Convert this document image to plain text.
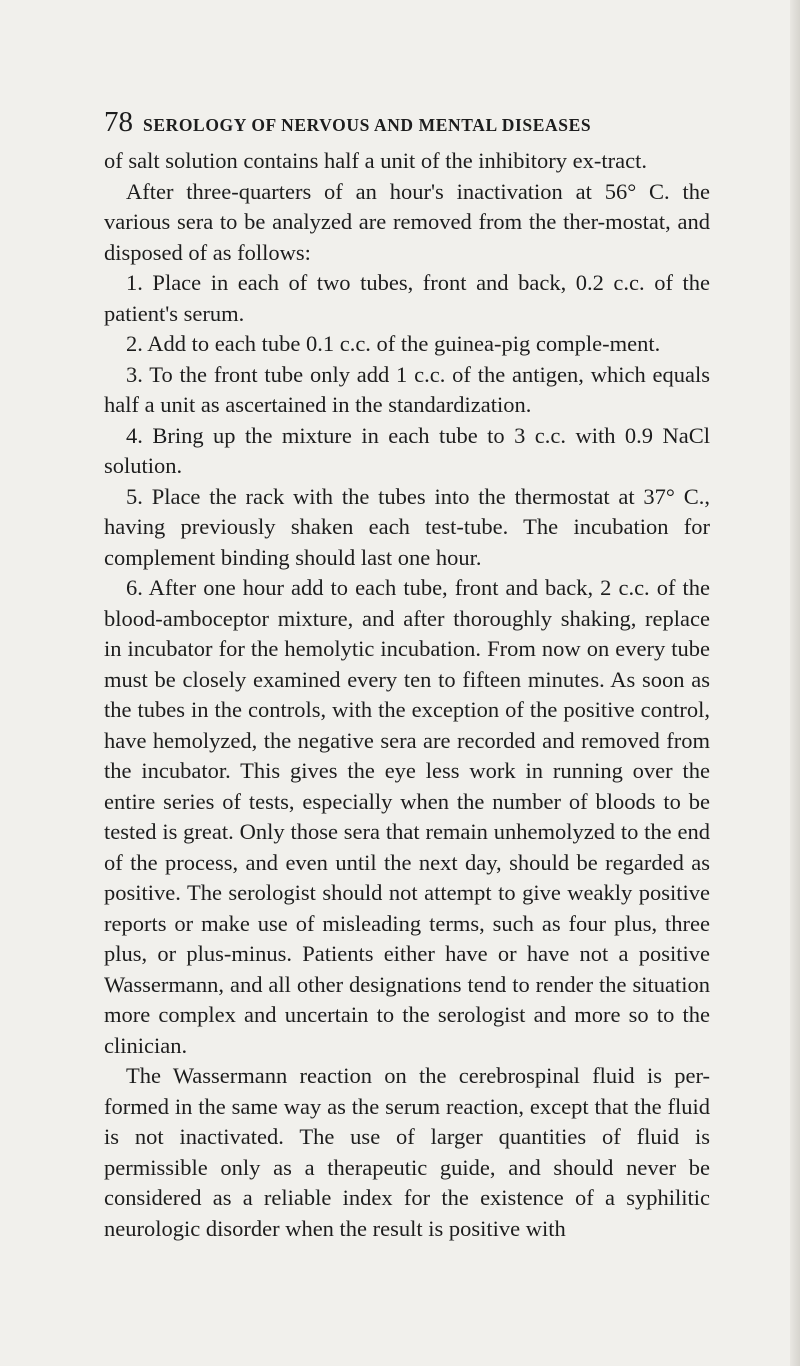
78 SEROLOGY OF NERVOUS AND MENTAL DISEASES

of salt solution contains half a unit of the inhibitory ex-tract.

After three-quarters of an hour's inactivation at 56° C. the various sera to be analyzed are removed from the ther-mostat, and disposed of as follows:

1. Place in each of two tubes, front and back, 0.2 c.c. of the patient's serum.

2. Add to each tube 0.1 c.c. of the guinea-pig comple-ment.

3. To the front tube only add 1 c.c. of the antigen, which equals half a unit as ascertained in the standardization.

4. Bring up the mixture in each tube to 3 c.c. with 0.9 NaCl solution.

5. Place the rack with the tubes into the thermostat at 37° C., having previously shaken each test-tube. The incubation for complement binding should last one hour.

6. After one hour add to each tube, front and back, 2 c.c. of the blood-amboceptor mixture, and after thoroughly shaking, replace in incubator for the hemolytic incubation. From now on every tube must be closely examined every ten to fifteen minutes. As soon as the tubes in the controls, with the exception of the positive control, have hemolyzed, the negative sera are recorded and removed from the incubator. This gives the eye less work in running over the entire series of tests, especially when the number of bloods to be tested is great. Only those sera that remain unhemolyzed to the end of the process, and even until the next day, should be regarded as positive. The serologist should not attempt to give weakly positive reports or make use of misleading terms, such as four plus, three plus, or plus-minus. Patients either have or have not a positive Wassermann, and all other designations tend to render the situation more complex and uncertain to the serologist and more so to the clinician.

The Wassermann reaction on the cerebrospinal fluid is per-formed in the same way as the serum reaction, except that the fluid is not inactivated. The use of larger quantities of fluid is permissible only as a therapeutic guide, and should never be considered as a reliable index for the existence of a syphilitic neurologic disorder when the result is positive with
